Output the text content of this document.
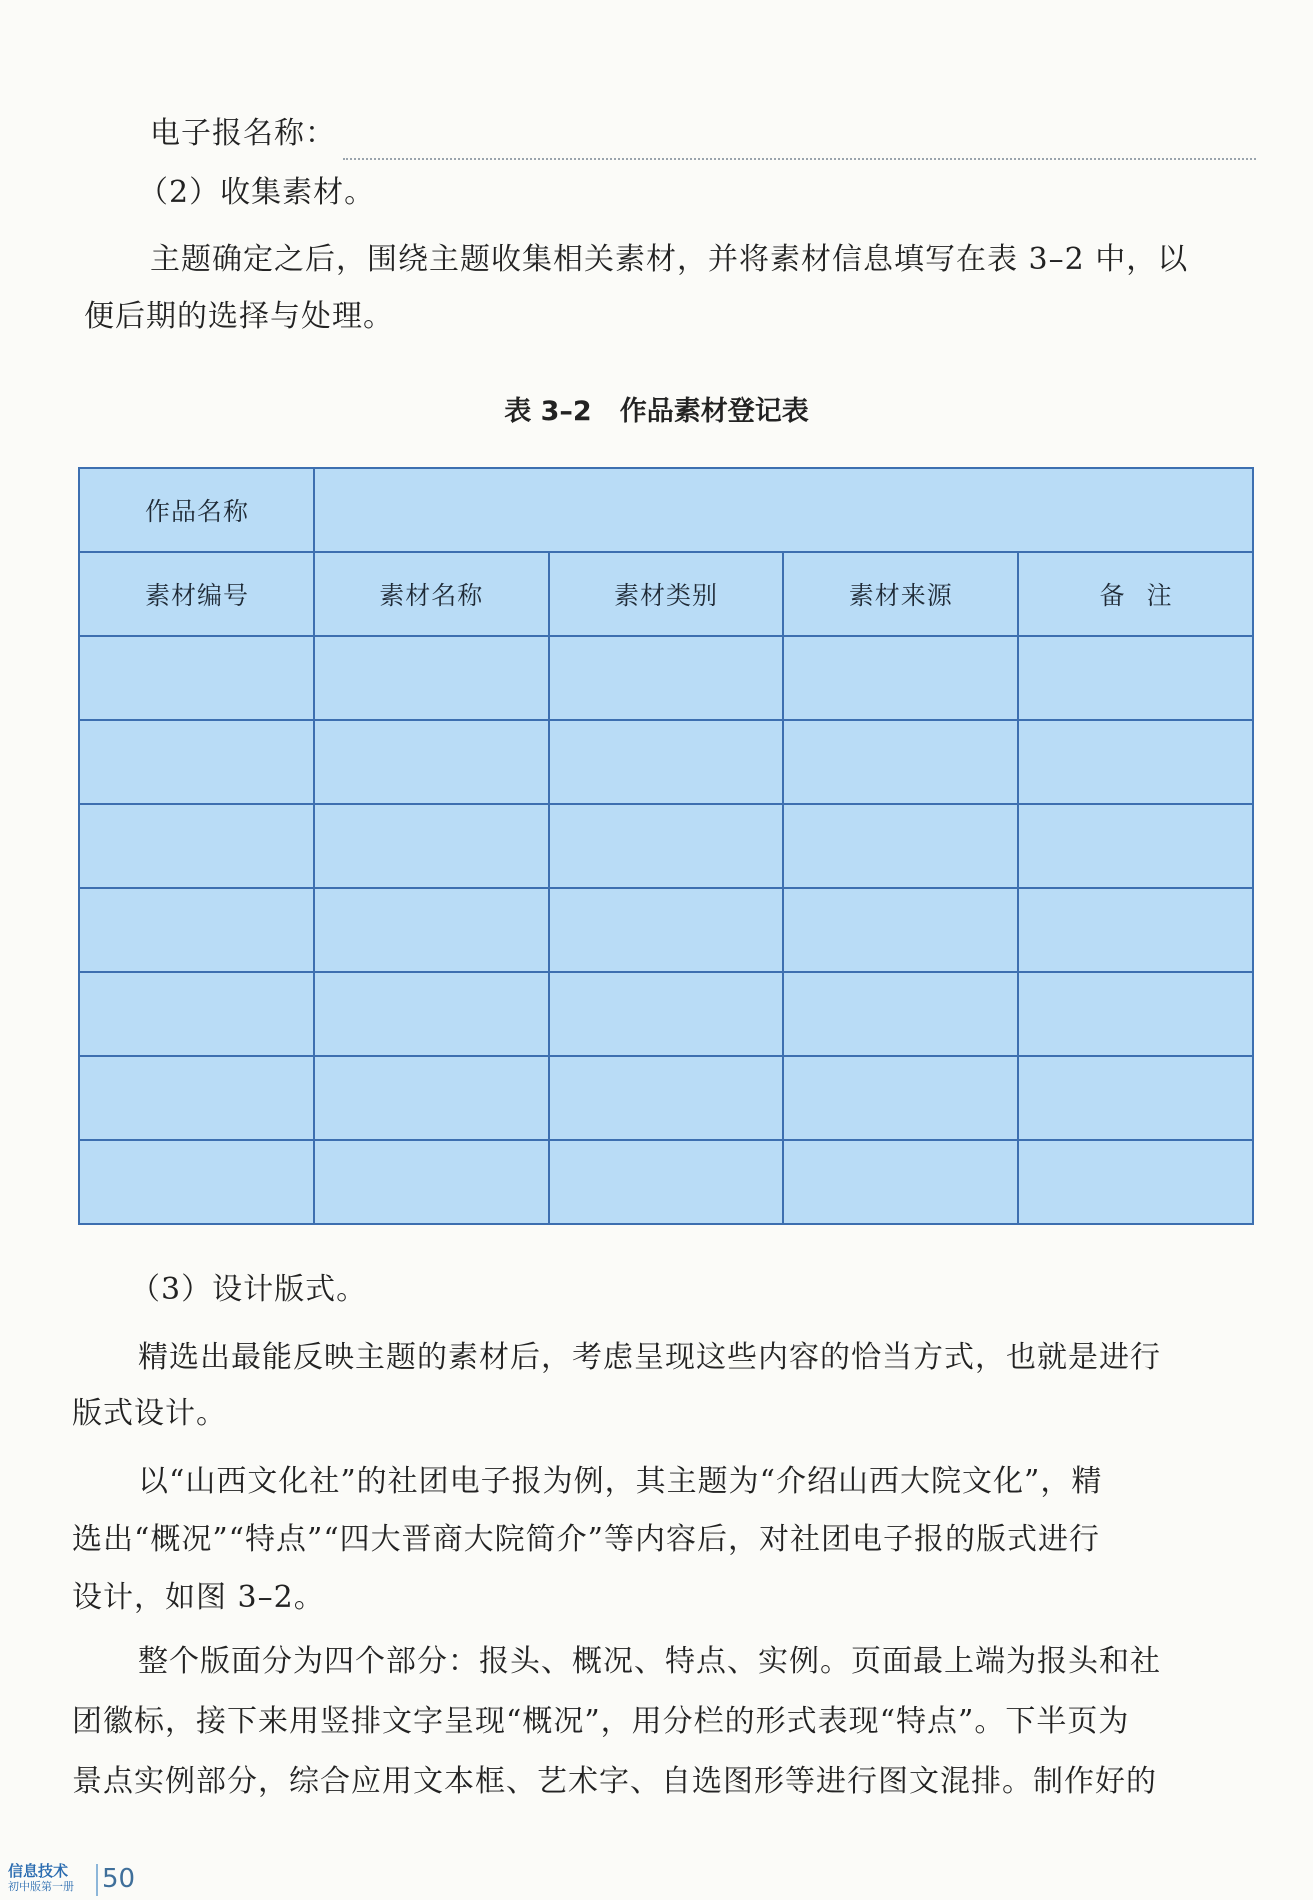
电子报名称：
（2）收集素材。
主题确定之后，围绕主题收集相关素材，并将素材信息填写在表 3–2 中，以
便后期的选择与处理。
表 3–2 作品素材登记表
作品名称				
素材编号	素材名称	素材类别	素材来源	备注

（3）设计版式。
精选出最能反映主题的素材后，考虑呈现这些内容的恰当方式，也就是进行
版式设计。
以“山西文化社”的社团电子报为例，其主题为“介绍山西大院文化”，精
选出“概况”“特点”“四大晋商大院简介”等内容后，对社团电子报的版式进行
设计，如图 3–2。
整个版面分为四个部分：报头、概况、特点、实例。页面最上端为报头和社
团徽标，接下来用竖排文字呈现“概况”，用分栏的形式表现“特点”。下半页为
景点实例部分，综合应用文本框、艺术字、自选图形等进行图文混排。制作好的
信息技术
初中版第一册 50
